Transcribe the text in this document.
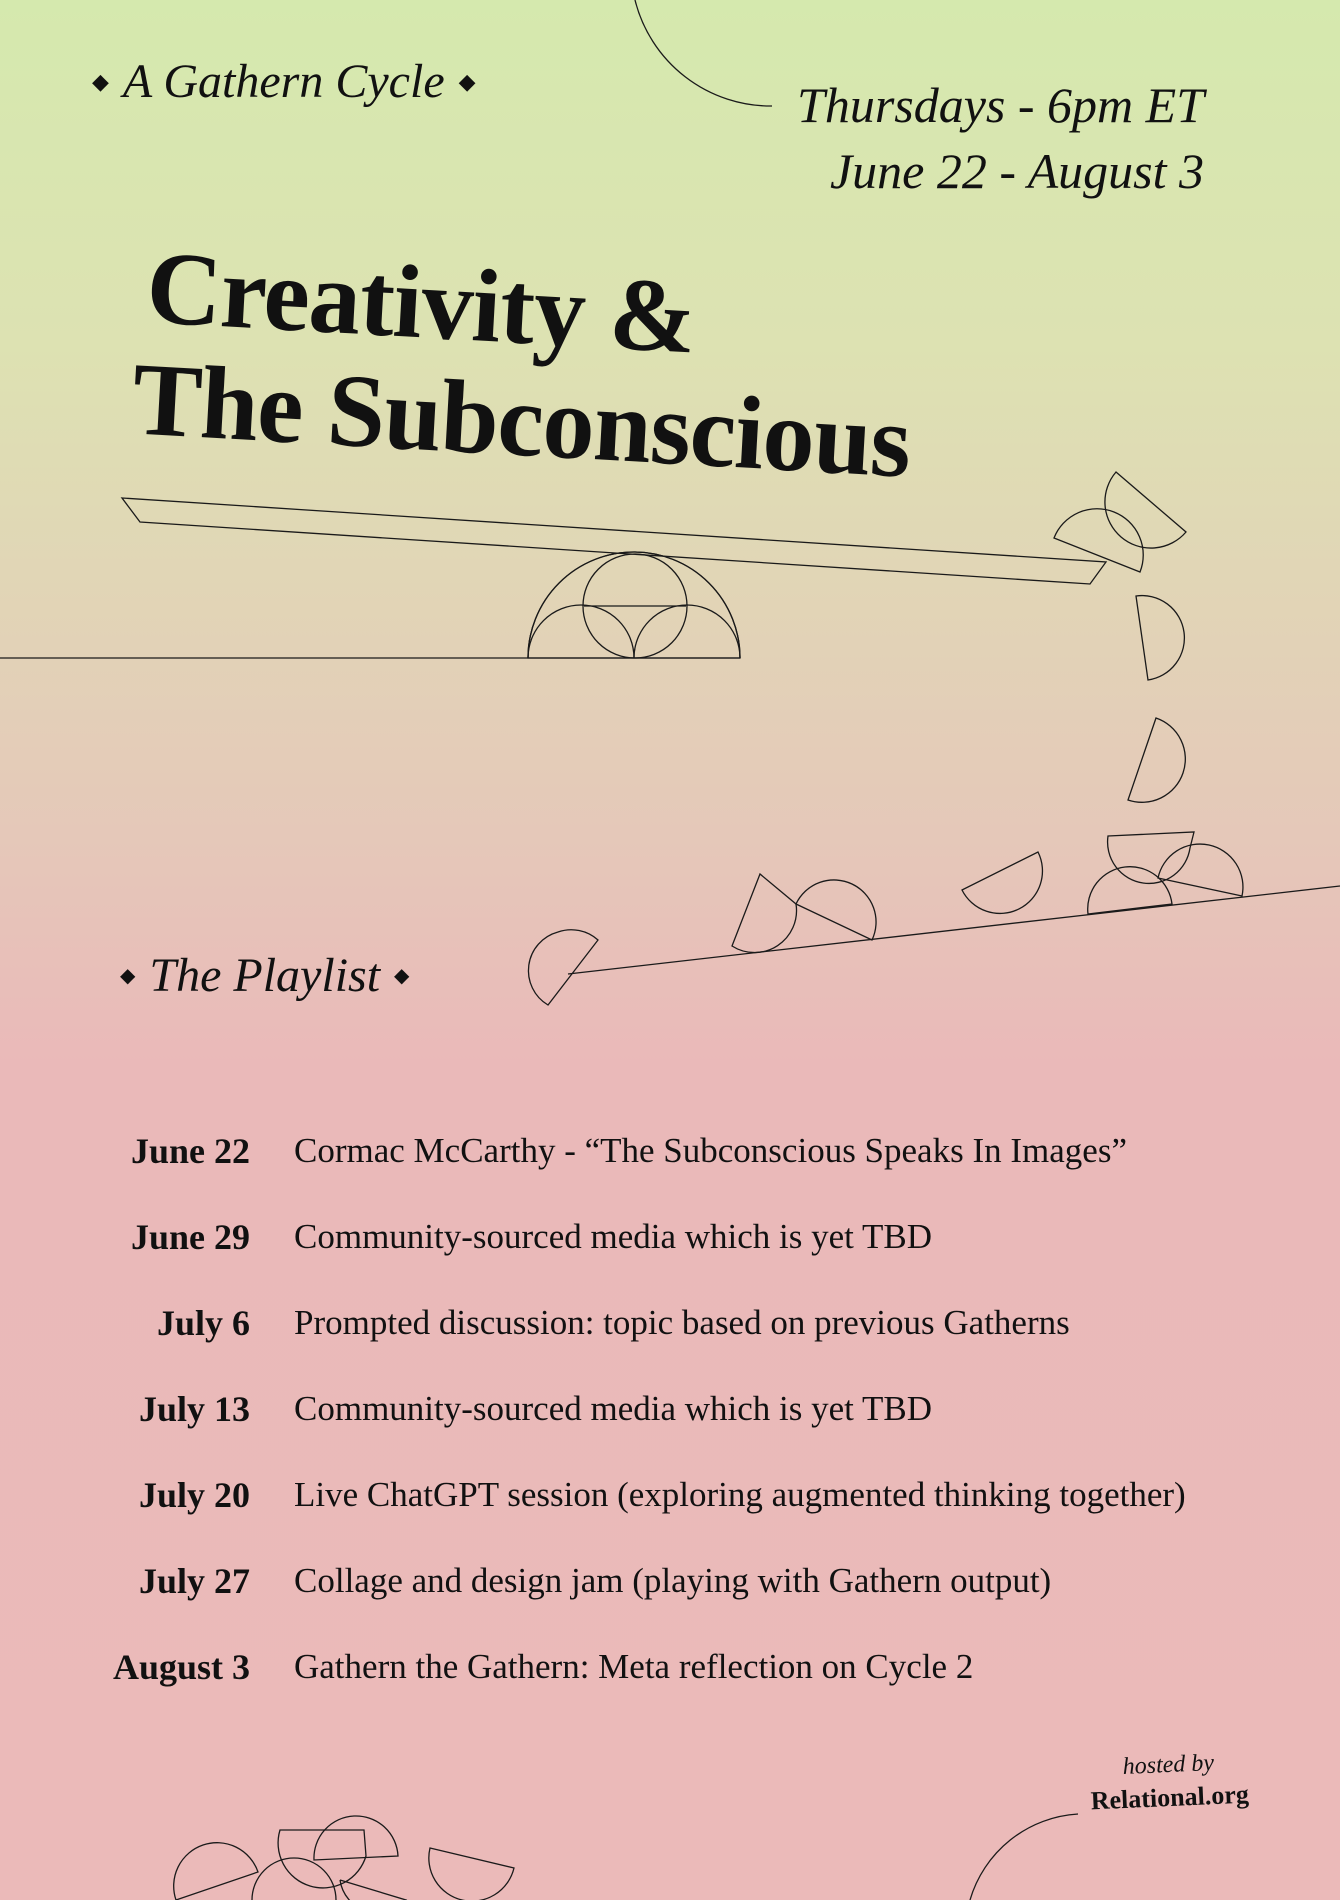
◆ A Gathern Cycle ◆	Thursdays - 6pm ET
June 22 - August 3
Creativity &
The Subconscious
◆ The Playlist ◆
June 22 Cormac McCarthy - “The Subconscious Speaks In Images”
June 29 Community-sourced media which is yet TBD
July 6 Prompted discussion: topic based on previous Gatherns
July 13 Community-sourced media which is yet TBD
July 20 Live ChatGPT session (exploring augmented thinking together)
July 27 Collage and design jam (playing with Gathern output)
August 3 Gathern the Gathern: Meta reflection on Cycle 2
hosted by
Relational.org
